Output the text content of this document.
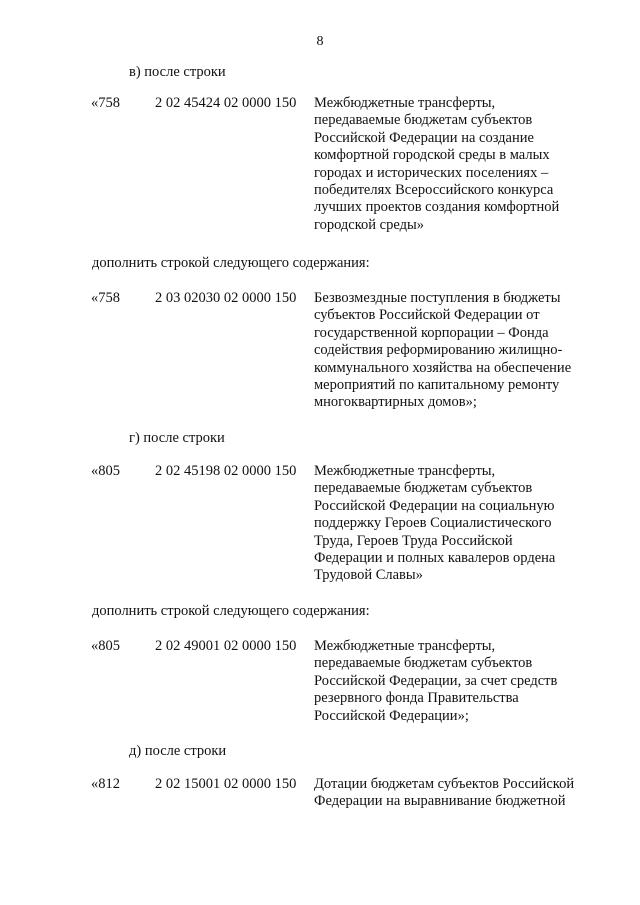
8
в) после строки
«758 2 02 45424 02 0000 150 Межбюджетные трансферты,
передаваемые бюджетам субъектов
Российской Федерации на создание
комфортной городской среды в малых
городах и исторических поселениях –
победителях Всероссийского конкурса
лучших проектов создания комфортной
городской среды»
дополнить строкой следующего содержания:
«758 2 03 02030 02 0000 150 Безвозмездные поступления в бюджеты
субъектов Российской Федерации от
государственной корпорации – Фонда
содействия реформированию жилищно-
коммунального хозяйства на обеспечение
мероприятий по капитальному ремонту
многоквартирных домов»;
г) после строки
«805 2 02 45198 02 0000 150 Межбюджетные трансферты,
передаваемые бюджетам субъектов
Российской Федерации на социальную
поддержку Героев Социалистического
Труда, Героев Труда Российской
Федерации и полных кавалеров ордена
Трудовой Славы»
дополнить строкой следующего содержания:
«805 2 02 49001 02 0000 150 Межбюджетные трансферты,
передаваемые бюджетам субъектов
Российской Федерации, за счет средств
резервного фонда Правительства
Российской Федерации»;
д) после строки
«812 2 02 15001 02 0000 150 Дотации бюджетам субъектов Российской
Федерации на выравнивание бюджетной
